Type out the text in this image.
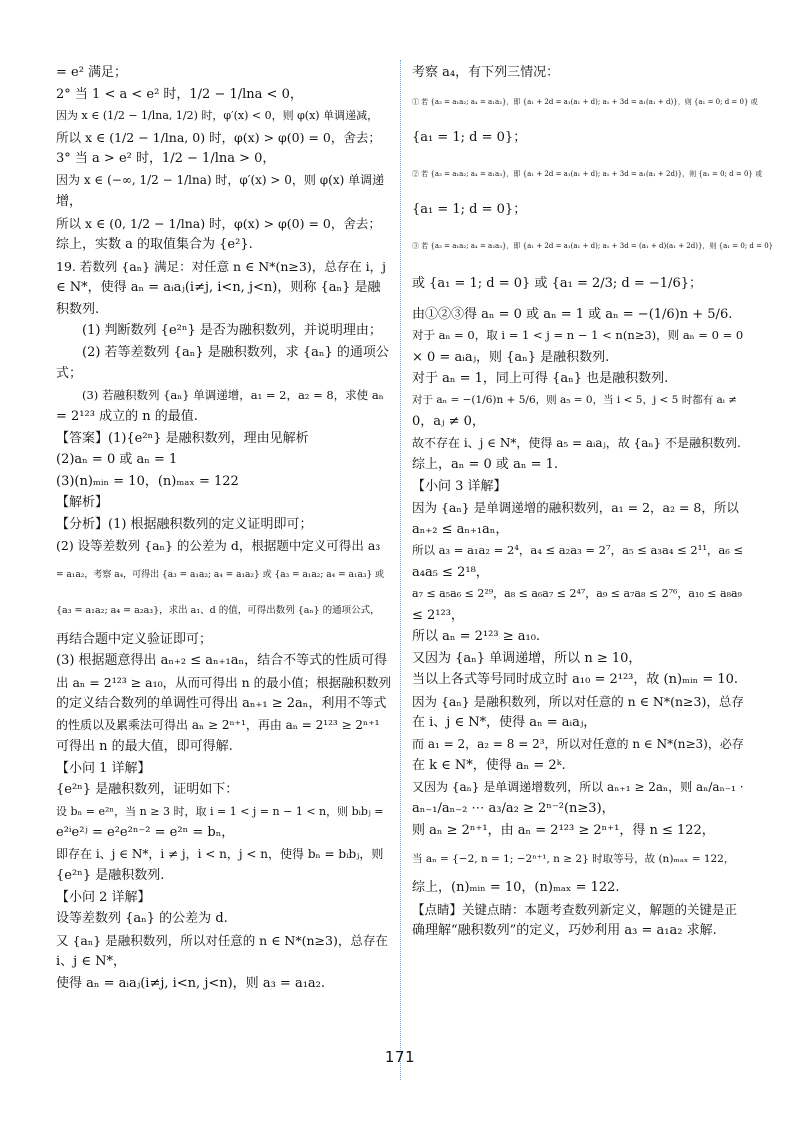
= e² 满足；
2° 当 1 < a < e² 时，1/2 − 1/lna < 0，
因为 x ∈ (1/2 − 1/lna, 1/2) 时，φ′(x) < 0，则 φ(x) 单调递减，
所以 x ∈ (1/2 − 1/lna, 0) 时，φ(x) > φ(0) = 0，舍去；
3° 当 a > e² 时，1/2 − 1/lna > 0，
因为 x ∈ (−∞, 1/2 − 1/lna) 时，φ′(x) > 0，则 φ(x) 单调递
增，
所以 x ∈ (0, 1/2 − 1/lna) 时，φ(x) > φ(0) = 0，舍去；
综上，实数 a 的取值集合为 {e²}.
19. 若数列 {aₙ} 满足：对任意 n ∈ N*(n≥3)，总存在 i，j
∈ N*，使得 aₙ = aᵢaⱼ(i≠j, i<n, j<n)，则称 {aₙ} 是融
积数列.
(1) 判断数列 {e²ⁿ} 是否为融积数列，并说明理由；
(2) 若等差数列 {aₙ} 是融积数列，求 {aₙ} 的通项公
式；
(3) 若融积数列 {aₙ} 单调递增，a₁ = 2，a₂ = 8，求使 aₙ
= 2¹²³ 成立的 n 的最值.
【答案】(1){e²ⁿ} 是融积数列，理由见解析
(2)aₙ = 0 或 aₙ = 1
(3)(n)ₘᵢₙ = 10，(n)ₘₐₓ = 122
【解析】
【分析】(1) 根据融积数列的定义证明即可；
(2) 设等差数列 {aₙ} 的公差为 d，根据题中定义可得出 a₃
= a₁a₂，考察 a₄，可得出 {a₃ = a₁a₂; a₄ = a₁a₂} 或 {a₃ = a₁a₂; a₄ = a₁a₃} 或
{a₃ = a₁a₂; a₄ = a₂a₃}，求出 a₁、d 的值，可得出数列 {aₙ} 的通项公式，
再结合题中定义验证即可；
(3) 根据题意得出 aₙ₊₂ ≤ aₙ₊₁aₙ，结合不等式的性质可得
出 aₙ = 2¹²³ ≥ a₁₀，从而可得出 n 的最小值；根据融积数列
的定义结合数列的单调性可得出 aₙ₊₁ ≥ 2aₙ，利用不等式
的性质以及累乘法可得出 aₙ ≥ 2ⁿ⁺¹，再由 aₙ = 2¹²³ ≥ 2ⁿ⁺¹
可得出 n 的最大值，即可得解.
【小问 1 详解】
{e²ⁿ} 是融积数列，证明如下：
设 bₙ = e²ⁿ，当 n ≥ 3 时，取 i = 1 < j = n − 1 < n，则 bᵢbⱼ =
e²ⁱe²ʲ = e²e²ⁿ⁻² = e²ⁿ = bₙ，
即存在 i、j ∈ N*，i ≠ j，i < n，j < n，使得 bₙ = bᵢbⱼ，则
{e²ⁿ} 是融积数列.
【小问 2 详解】
设等差数列 {aₙ} 的公差为 d.
又 {aₙ} 是融积数列，所以对任意的 n ∈ N*(n≥3)，总存在
i、j ∈ N*，
使得 aₙ = aᵢaⱼ(i≠j, i<n, j<n)，则 a₃ = a₁a₂.
考察 a₄，有下列三情况：
① 若 {a₃ = a₁a₂; a₄ = a₁a₂}，即 {a₁ + 2d = a₁(a₁ + d); a₁ + 3d = a₁(a₁ + d)}，则 {a₁ = 0; d = 0} 或
{a₁ = 1; d = 0}；
② 若 {a₃ = a₁a₂; a₄ = a₁a₃}，即 {a₁ + 2d = a₁(a₁ + d); a₁ + 3d = a₁(a₁ + 2d)}，则 {a₁ = 0; d = 0} 或
{a₁ = 1; d = 0}；
③ 若 {a₃ = a₁a₂; a₄ = a₂a₃}，即 {a₁ + 2d = a₁(a₁ + d); a₁ + 3d = (a₁ + d)(a₁ + 2d)}，则 {a₁ = 0; d = 0}
或 {a₁ = 1; d = 0} 或 {a₁ = 2/3; d = −1/6}；
由①②③得 aₙ = 0 或 aₙ = 1 或 aₙ = −(1/6)n + 5/6.
对于 aₙ = 0，取 i = 1 < j = n − 1 < n(n≥3)，则 aₙ = 0 = 0
× 0 = aᵢaⱼ，则 {aₙ} 是融积数列.
对于 aₙ = 1，同上可得 {aₙ} 也是融积数列.
对于 aₙ = −(1/6)n + 5/6，则 a₅ = 0，当 i < 5，j < 5 时都有 aᵢ ≠
0，aⱼ ≠ 0，
故不存在 i、j ∈ N*，使得 a₅ = aᵢaⱼ，故 {aₙ} 不是融积数列.
综上，aₙ = 0 或 aₙ = 1.
【小问 3 详解】
因为 {aₙ} 是单调递增的融积数列，a₁ = 2，a₂ = 8，所以
aₙ₊₂ ≤ aₙ₊₁aₙ，
所以 a₃ = a₁a₂ = 2⁴，a₄ ≤ a₂a₃ = 2⁷，a₅ ≤ a₃a₄ ≤ 2¹¹，a₆ ≤
a₄a₅ ≤ 2¹⁸，
a₇ ≤ a₅a₆ ≤ 2²⁹，a₈ ≤ a₆a₇ ≤ 2⁴⁷，a₉ ≤ a₇a₈ ≤ 2⁷⁶，a₁₀ ≤ a₈a₉
≤ 2¹²³，
所以 aₙ = 2¹²³ ≥ a₁₀.
又因为 {aₙ} 单调递增，所以 n ≥ 10，
当以上各式等号同时成立时 a₁₀ = 2¹²³，故 (n)ₘᵢₙ = 10.
因为 {aₙ} 是融积数列，所以对任意的 n ∈ N*(n≥3)，总存
在 i、j ∈ N*，使得 aₙ = aᵢaⱼ，
而 a₁ = 2，a₂ = 8 = 2³，所以对任意的 n ∈ N*(n≥3)，必存
在 k ∈ N*，使得 aₙ = 2ᵏ.
又因为 {aₙ} 是单调递增数列，所以 aₙ₊₁ ≥ 2aₙ，则 aₙ/aₙ₋₁ ·
aₙ₋₁/aₙ₋₂ ⋯ a₃/a₂ ≥ 2ⁿ⁻²(n≥3)，
则 aₙ ≥ 2ⁿ⁺¹，由 aₙ = 2¹²³ ≥ 2ⁿ⁺¹，得 n ≤ 122，
当 aₙ = {−2, n = 1; −2ⁿ⁺¹, n ≥ 2} 时取等号，故 (n)ₘₐₓ = 122，
综上，(n)ₘᵢₙ = 10，(n)ₘₐₓ = 122.
【点睛】关键点睛：本题考查数列新定义，解题的关键是正
确理解“融积数列”的定义，巧妙利用 a₃ = a₁a₂ 求解.
171
